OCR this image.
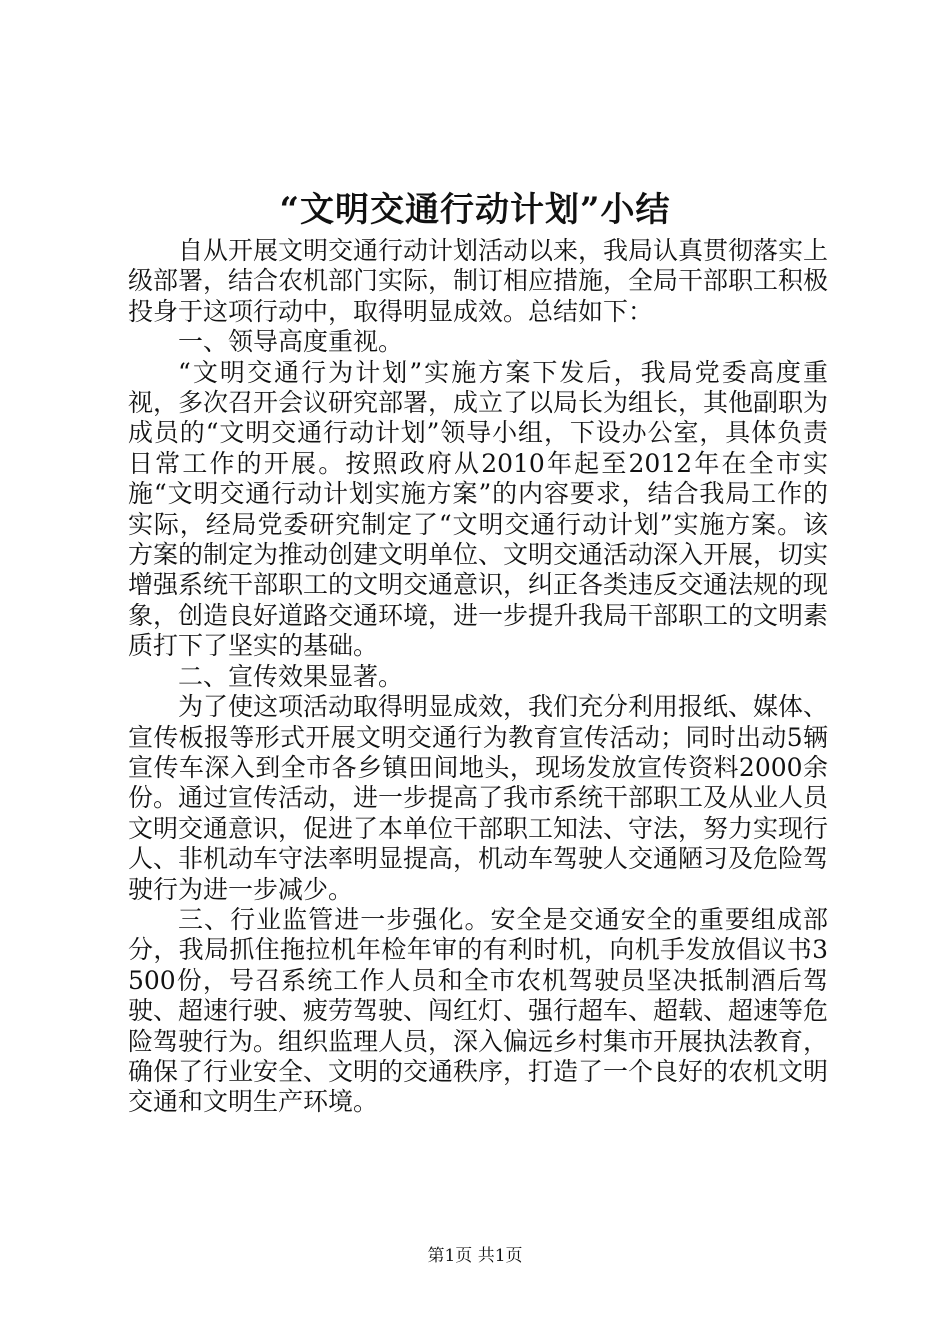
“文明交通行动计划”小结

自从开展文明交通行动计划活动以来，我局认真贯彻落实上级部署，结合农机部门实际，制订相应措施，全局干部职工积极投身于这项行动中，取得明显成效。总结如下：

一、领导高度重视。

“文明交通行为计划”实施方案下发后，我局党委高度重视，多次召开会议研究部署，成立了以局长为组长，其他副职为成员的“文明交通行动计划”领导小组，下设办公室，具体负责日常工作的开展。按照政府从2010年起至2012年在全市实施“文明交通行动计划实施方案”的内容要求，结合我局工作的实际，经局党委研究制定了“文明交通行动计划”实施方案。该方案的制定为推动创建文明单位、文明交通活动深入开展，切实增强系统干部职工的文明交通意识，纠正各类违反交通法规的现象，创造良好道路交通环境，进一步提升我局干部职工的文明素质打下了坚实的基础。

二、宣传效果显著。

为了使这项活动取得明显成效，我们充分利用报纸、媒体、宣传板报等形式开展文明交通行为教育宣传活动；同时出动5辆宣传车深入到全市各乡镇田间地头，现场发放宣传资料2000余份。通过宣传活动，进一步提高了我市系统干部职工及从业人员文明交通意识，促进了本单位干部职工知法、守法，努力实现行人、非机动车守法率明显提高，机动车驾驶人交通陋习及危险驾驶行为进一步减少。

三、行业监管进一步强化。安全是交通安全的重要组成部分，我局抓住拖拉机年检年审的有利时机，向机手发放倡议书3500份，号召系统工作人员和全市农机驾驶员坚决抵制酒后驾驶、超速行驶、疲劳驾驶、闯红灯、强行超车、超载、超速等危险驾驶行为。组织监理人员，深入偏远乡村集市开展执法教育，确保了行业安全、文明的交通秩序，打造了一个良好的农机文明交通和文明生产环境。

第1页 共1页
